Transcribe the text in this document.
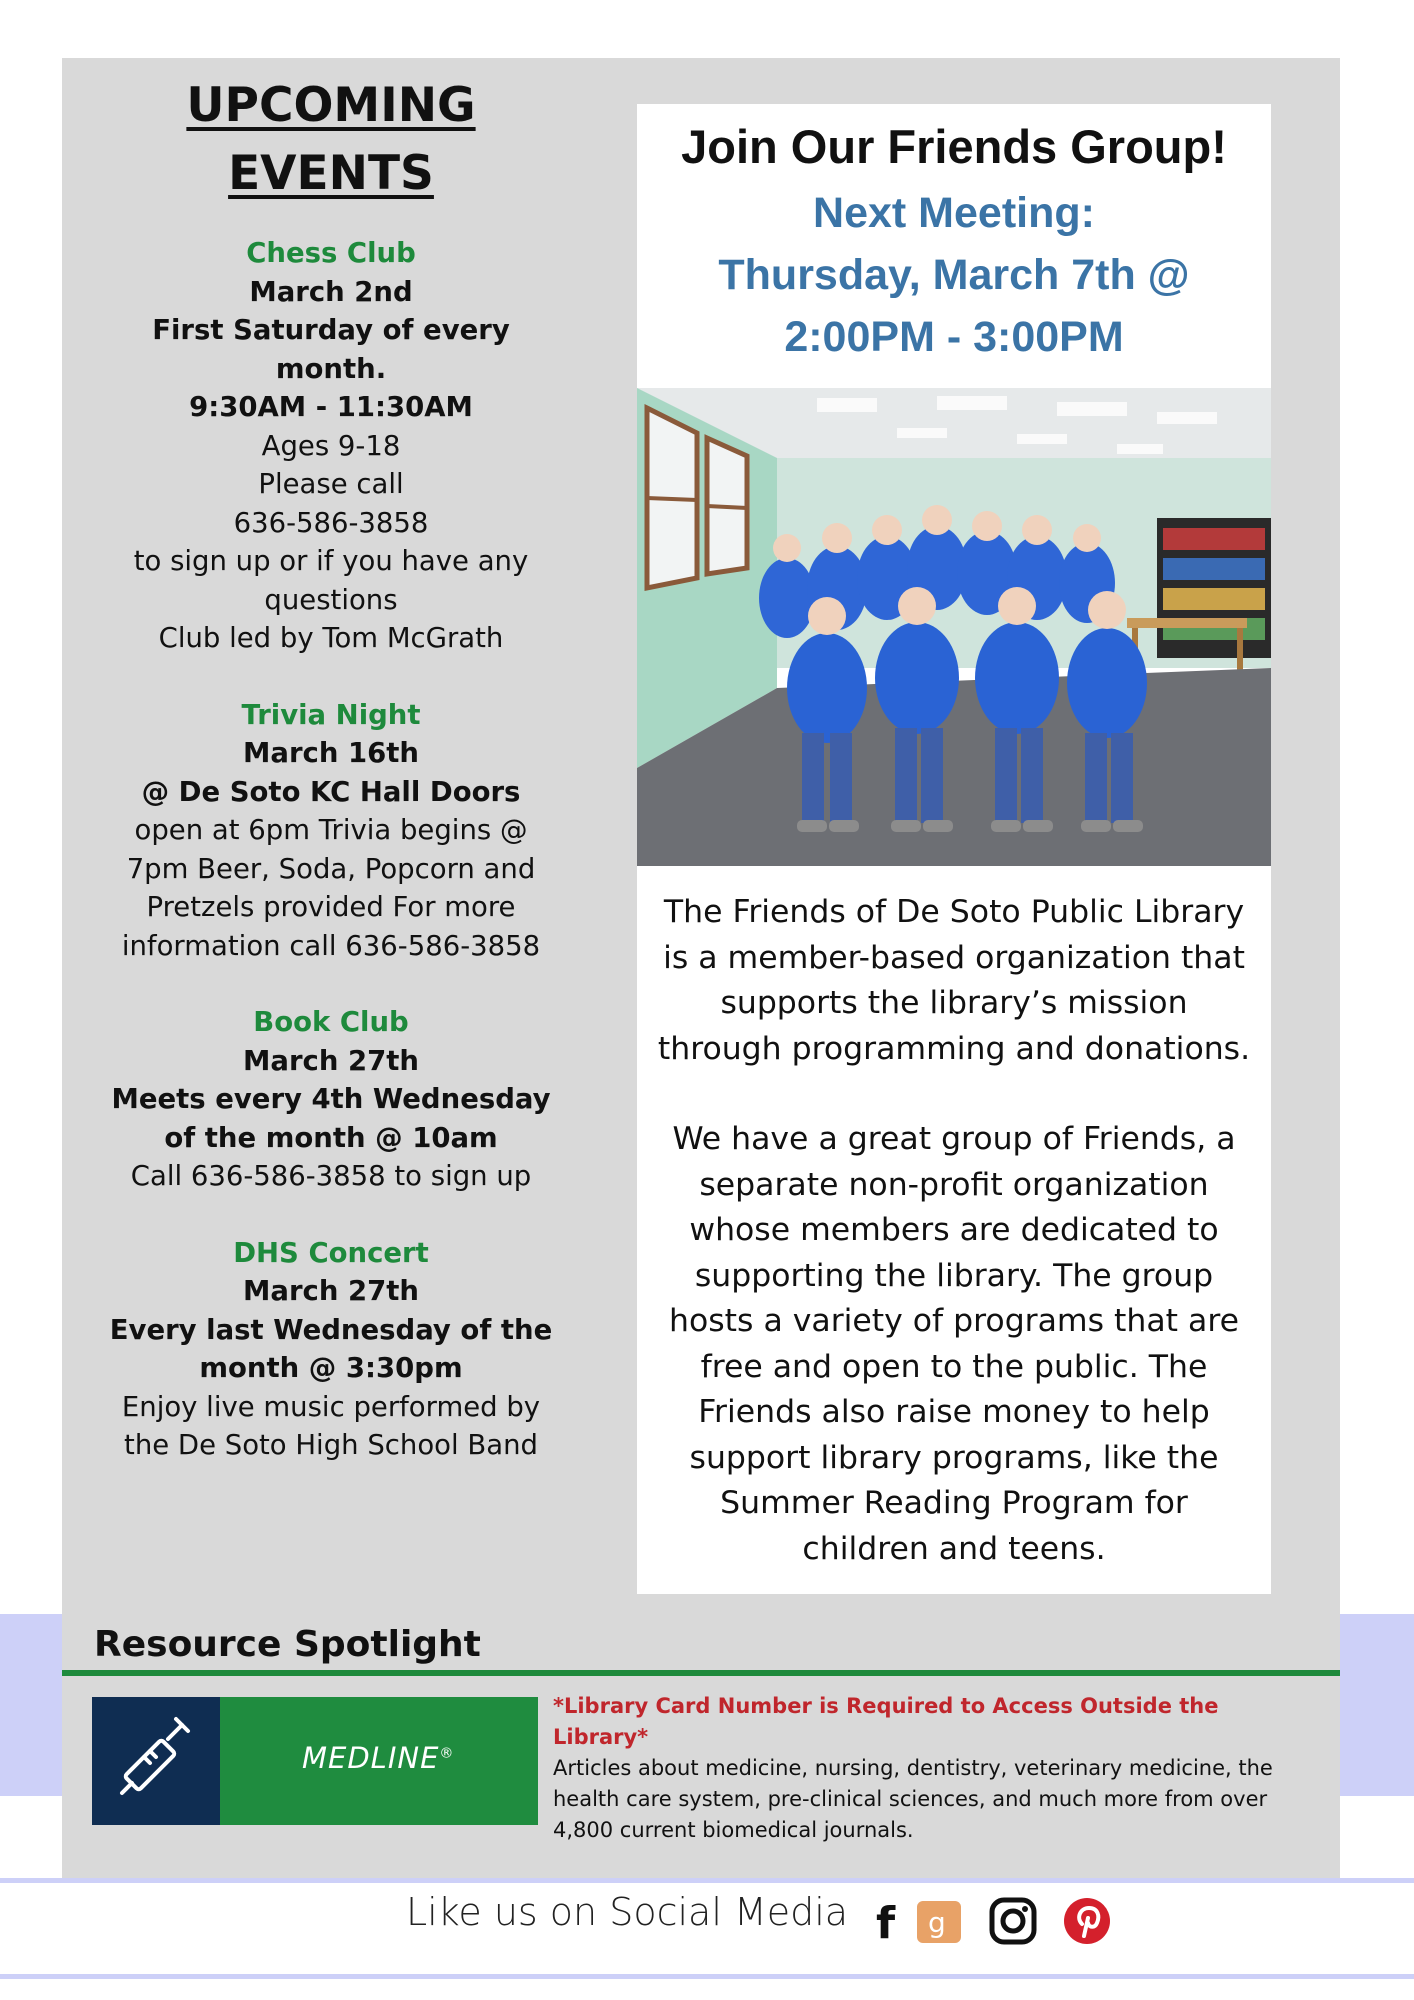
UPCOMING
EVENTS
Chess Club
March 2nd
First Saturday of every month.
9:30AM - 11:30AM
Ages 9-18
Please call
636-586-3858
to sign up or if you have any questions
Club led by Tom McGrath
Trivia Night
March 16th
@ De Soto KC Hall Doors
open at 6pm Trivia begins @ 7pm Beer, Soda, Popcorn and Pretzels provided For more information call 636-586-3858
Book Club
March 27th
Meets every 4th Wednesday of the month @ 10am
Call 636-586-3858 to sign up
DHS Concert
March 27th
Every last Wednesday of the month @ 3:30pm
Enjoy live music performed by the De Soto High School Band
Join Our Friends Group!
Next Meeting:
Thursday, March 7th @
2:00PM - 3:00PM

The Friends of De Soto Public Library is a member-based organization that supports the library’s mission through programming and donations.

We have a great group of Friends, a separate non-profit organization whose members are dedicated to supporting the library. The group hosts a variety of programs that are free and open to the public. The Friends also raise money to help support library programs, like the Summer Reading Program for children and teens.

Resource Spotlight
MEDLINE®
*Library Card Number is Required to Access Outside the Library*
Articles about medicine, nursing, dentistry, veterinary medicine, the health care system, pre-clinical sciences, and much more from over 4,800 current biomedical journals.
Like us on Social Media f g
